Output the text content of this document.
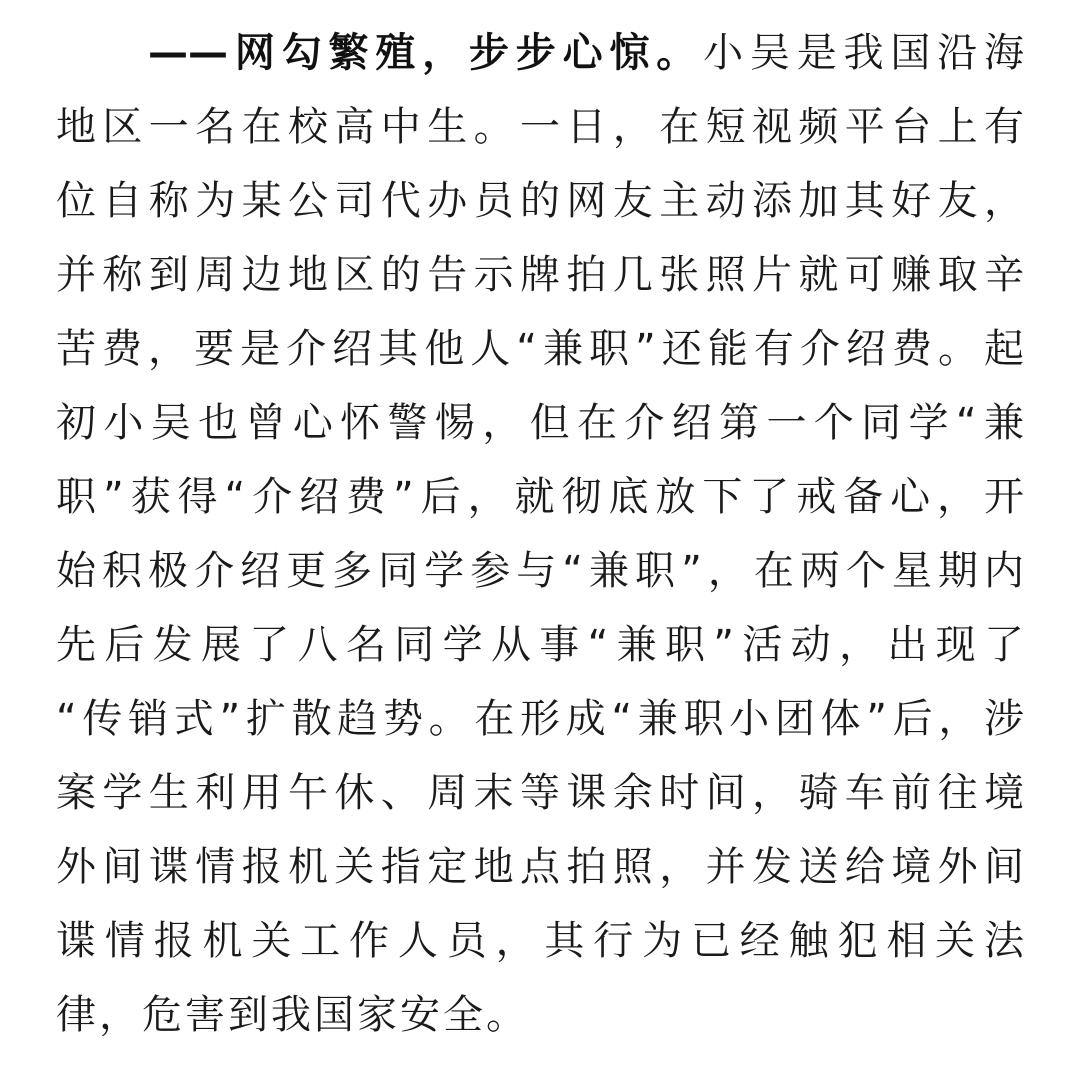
——网勾繁殖，步步心惊。小吴是我国沿海
地区一名在校高中生。一日，在短视频平台上有
位自称为某公司代办员的网友主动添加其好友，
并称到周边地区的告示牌拍几张照片就可赚取辛
苦费，要是介绍其他人“兼职”还能有介绍费。起
初小吴也曾心怀警惕，但在介绍第一个同学“兼
职”获得“介绍费”后，就彻底放下了戒备心，开
始积极介绍更多同学参与“兼职”，在两个星期内
先后发展了八名同学从事“兼职”活动，出现了
“传销式”扩散趋势。在形成“兼职小团体”后，涉
案学生利用午休、周末等课余时间，骑车前往境
外间谍情报机关指定地点拍照，并发送给境外间
谍情报机关工作人员，其行为已经触犯相关法
律，危害到我国家安全。
